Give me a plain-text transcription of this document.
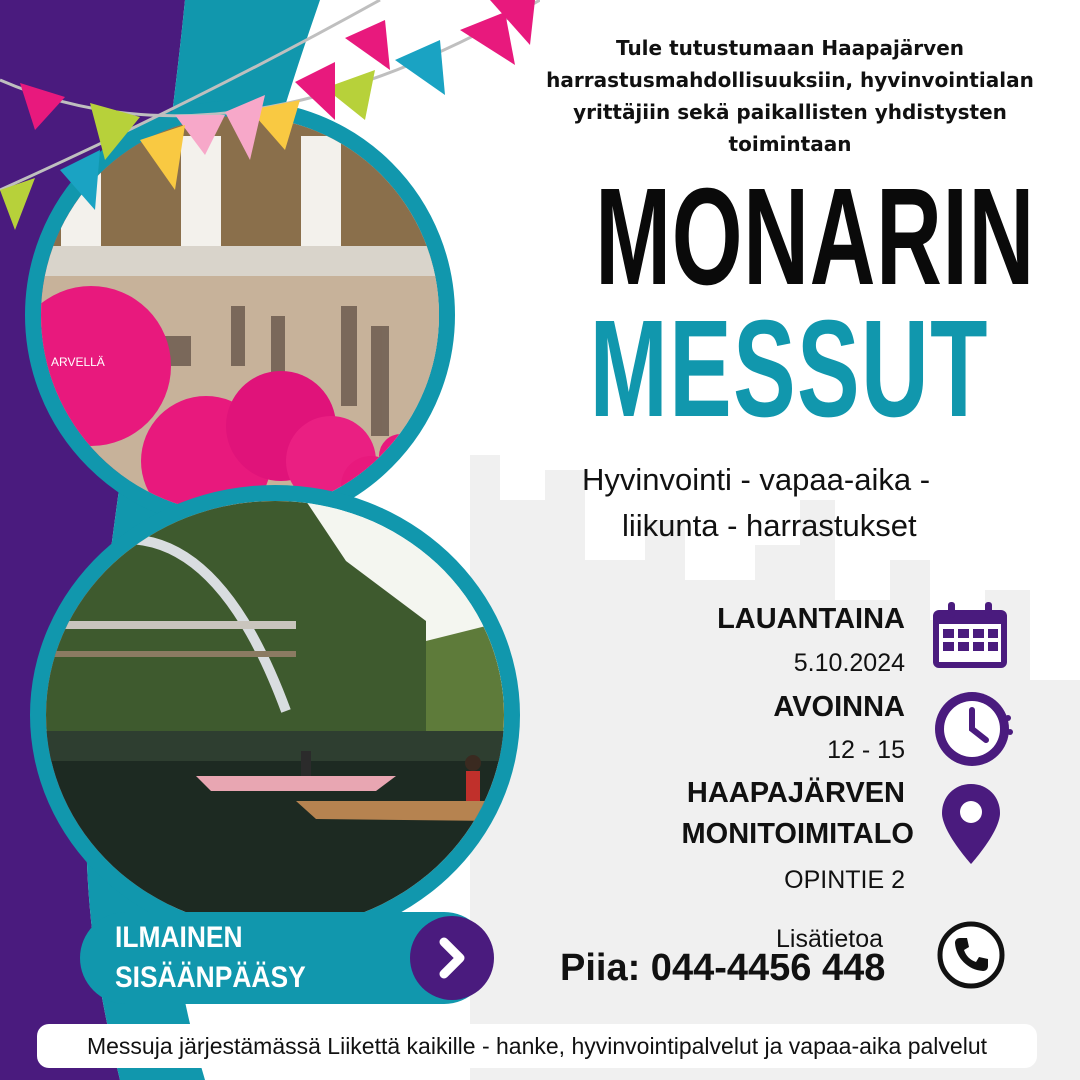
ARVELLÄ
Tule tutustumaan Haapajärven harrastusmahdollisuuksiin, hyvinvointialan yrittäjiin sekä paikallisten yhdistysten toimintaan
MONARIN
MESSUT
Hyvinvointi - vapaa-aika -
liikunta - harrastukset
LAUANTAINA
5.10.2024
AVOINNA
12 - 15
HAAPAJÄRVEN
MONITOIMITALO
OPINTIE 2
Lisätietoa
Piia: 044-4456 448
ILMAINEN
SISÄÄNPÄÄSY
Messuja järjestämässä Liikettä kaikille - hanke, hyvinvointipalvelut ja vapaa-aika palvelut
